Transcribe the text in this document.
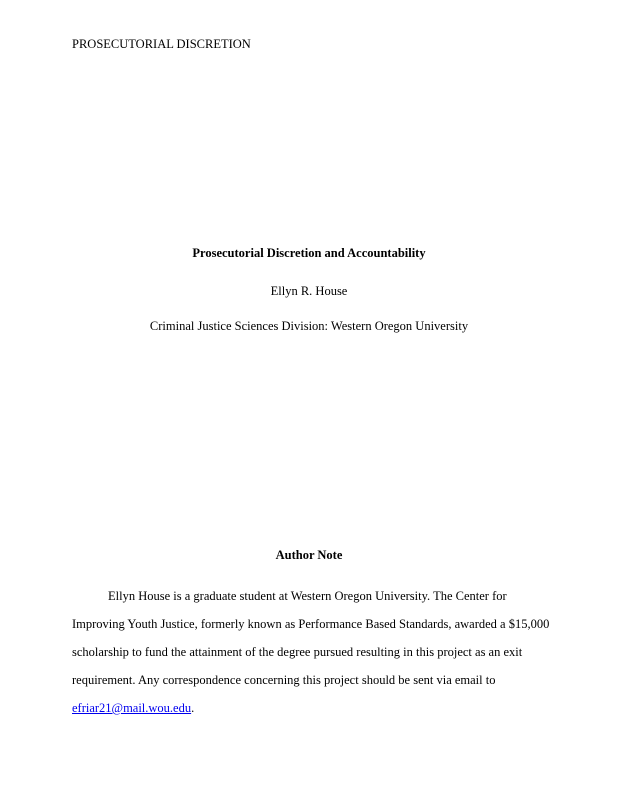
PROSECUTORIAL DISCRETION
Prosecutorial Discretion and Accountability
Ellyn R. House
Criminal Justice Sciences Division: Western Oregon University
Author Note
Ellyn House is a graduate student at Western Oregon University. The Center for
Improving Youth Justice, formerly known as Performance Based Standards, awarded a $15,000
scholarship to fund the attainment of the degree pursued resulting in this project as an exit
requirement. Any correspondence concerning this project should be sent via email to
efriar21@mail.wou.edu.
